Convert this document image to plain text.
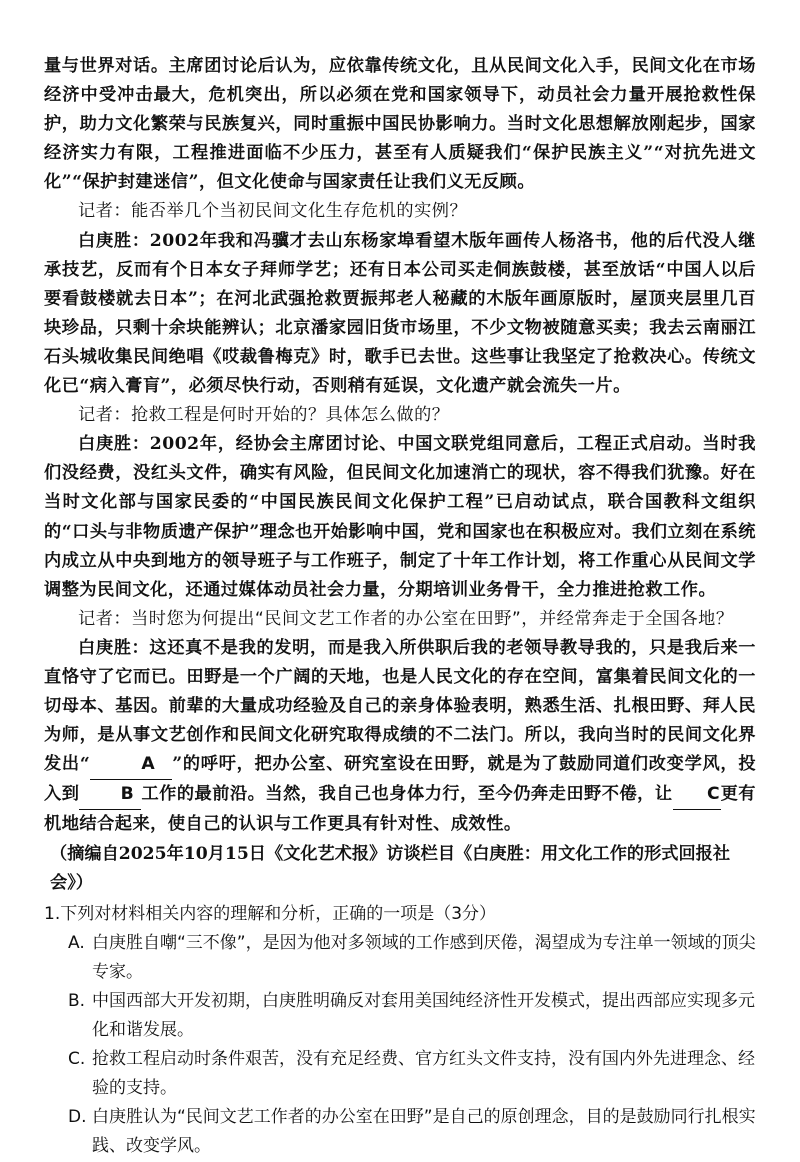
量与世界对话。主席团讨论后认为，应依靠传统文化，且从民间文化入手，民间文化在市场经济中受冲击最大，危机突出，所以必须在党和国家领导下，动员社会力量开展抢救性保护，助力文化繁荣与民族复兴，同时重振中国民协影响力。当时文化思想解放刚起步，国家经济实力有限，工程推进面临不少压力，甚至有人质疑我们“保护民族主义”“对抗先进文化”“保护封建迷信”，但文化使命与国家责任让我们义无反顾。

记者：能否举几个当初民间文化生存危机的实例？

白庚胜：2002年我和冯骥才去山东杨家埠看望木版年画传人杨洛书，他的后代没人继承技艺，反而有个日本女子拜师学艺；还有日本公司买走侗族鼓楼，甚至放话“中国人以后要看鼓楼就去日本”；在河北武强抢救贾振邦老人秘藏的木版年画原版时，屋顶夹层里几百块珍品，只剩十余块能辨认；北京潘家园旧货市场里，不少文物被随意买卖；我去云南丽江石头城收集民间绝唱《哎裁鲁梅克》时，歌手已去世。这些事让我坚定了抢救决心。传统文化已“病入膏肓”，必须尽快行动，否则稍有延误，文化遗产就会流失一片。

记者：抢救工程是何时开始的？具体怎么做的？

白庚胜：2002年，经协会主席团讨论、中国文联党组同意后，工程正式启动。当时我们没经费，没红头文件，确实有风险，但民间文化加速消亡的现状，容不得我们犹豫。好在当时文化部与国家民委的“中国民族民间文化保护工程”已启动试点，联合国教科文组织的“口头与非物质遗产保护”理念也开始影响中国，党和国家也在积极应对。我们立刻在系统内成立从中央到地方的领导班子与工作班子，制定了十年工作计划，将工作重心从民间文学调整为民间文化，还通过媒体动员社会力量，分期培训业务骨干，全力推进抢救工作。

记者：当时您为何提出“民间文艺工作者的办公室在田野”，并经常奔走于全国各地？

白庚胜：这还真不是我的发明，而是我入所供职后我的老领导教导我的，只是我后来一直恪守了它而已。田野是一个广阔的天地，也是人民文化的存在空间，富集着民间文化的一切母本、基因。前辈的大量成功经验及自己的亲身体验表明，熟悉生活、扎根田野、拜人民为师，是从事文艺创作和民间文化研究取得成绩的不二法门。所以，我向当时的民间文化界发出“	A ”的呼吁，把办公室、研究室设在田野，就是为了鼓励同道们改变学风，投入到 B 工作的最前沿。当然，我自己也身体力行，至今仍奔走田野不倦，让 C更有机地结合起来，使自己的认识与工作更具有针对性、成效性。

（摘编自2025年10月15日《文化艺术报》访谈栏目《白庚胜：用文化工作的形式回报社会》）

1.下列对材料相关内容的理解和分析，正确的一项是（3分）

A. 白庚胜自嘲“三不像”，是因为他对多领域的工作感到厌倦，渴望成为专注单一领域的顶尖专家。

B. 中国西部大开发初期，白庚胜明确反对套用美国纯经济性开发模式，提出西部应实现多元化和谐发展。

C. 抢救工程启动时条件艰苦，没有充足经费、官方红头文件支持，没有国内外先进理念、经验的支持。

D. 白庚胜认为“民间文艺工作者的办公室在田野”是自己的原创理念，目的是鼓励同行扎根实践、改变学风。
